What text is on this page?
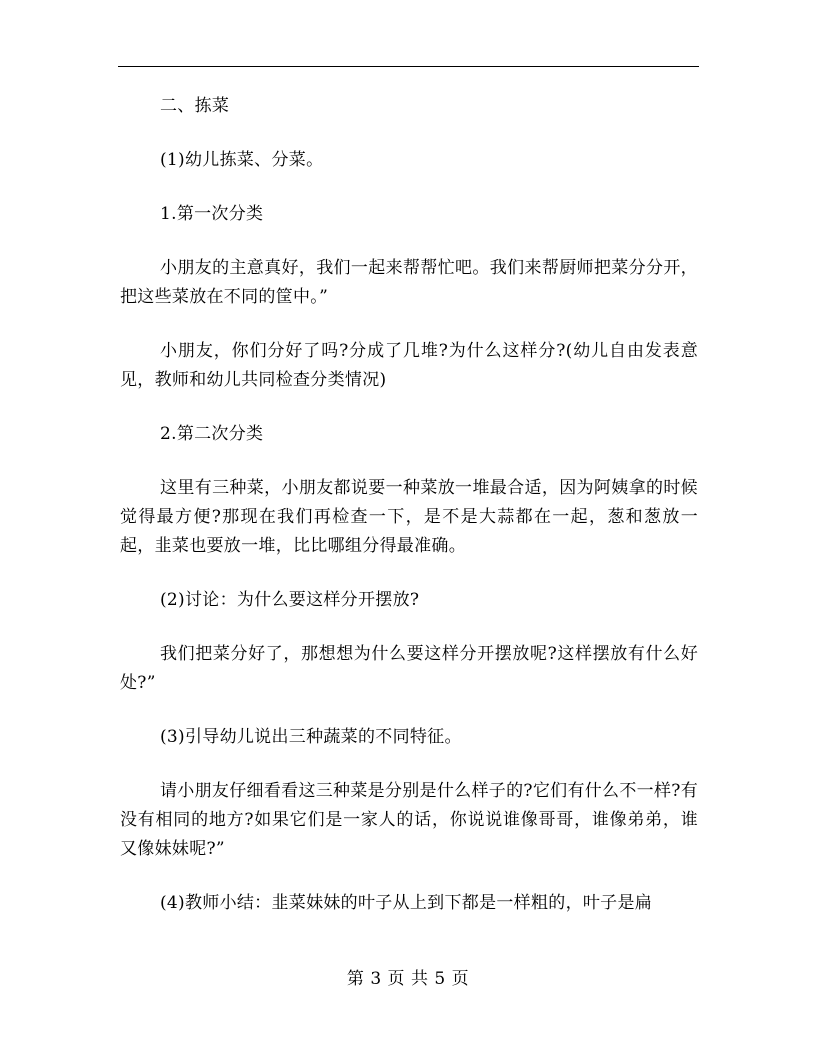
二、拣菜

(1)幼儿拣菜、分菜。

1.第一次分类

小朋友的主意真好，我们一起来帮帮忙吧。我们来帮厨师把菜分分开，把这些菜放在不同的筐中。”

小朋友，你们分好了吗?分成了几堆?为什么这样分?(幼儿自由发表意见，教师和幼儿共同检查分类情况)

2.第二次分类

这里有三种菜，小朋友都说要一种菜放一堆最合适，因为阿姨拿的时候觉得最方便?那现在我们再检查一下，是不是大蒜都在一起，葱和葱放一起，韭菜也要放一堆，比比哪组分得最准确。

(2)讨论：为什么要这样分开摆放?

我们把菜分好了，那想想为什么要这样分开摆放呢?这样摆放有什么好处?”

(3)引导幼儿说出三种蔬菜的不同特征。

请小朋友仔细看看这三种菜是分别是什么样子的?它们有什么不一样?有没有相同的地方?如果它们是一家人的话，你说说谁像哥哥，谁像弟弟，谁又像妹妹呢?”

(4)教师小结：韭菜妹妹的叶子从上到下都是一样粗的，叶子是扁

第 3 页 共 5 页
